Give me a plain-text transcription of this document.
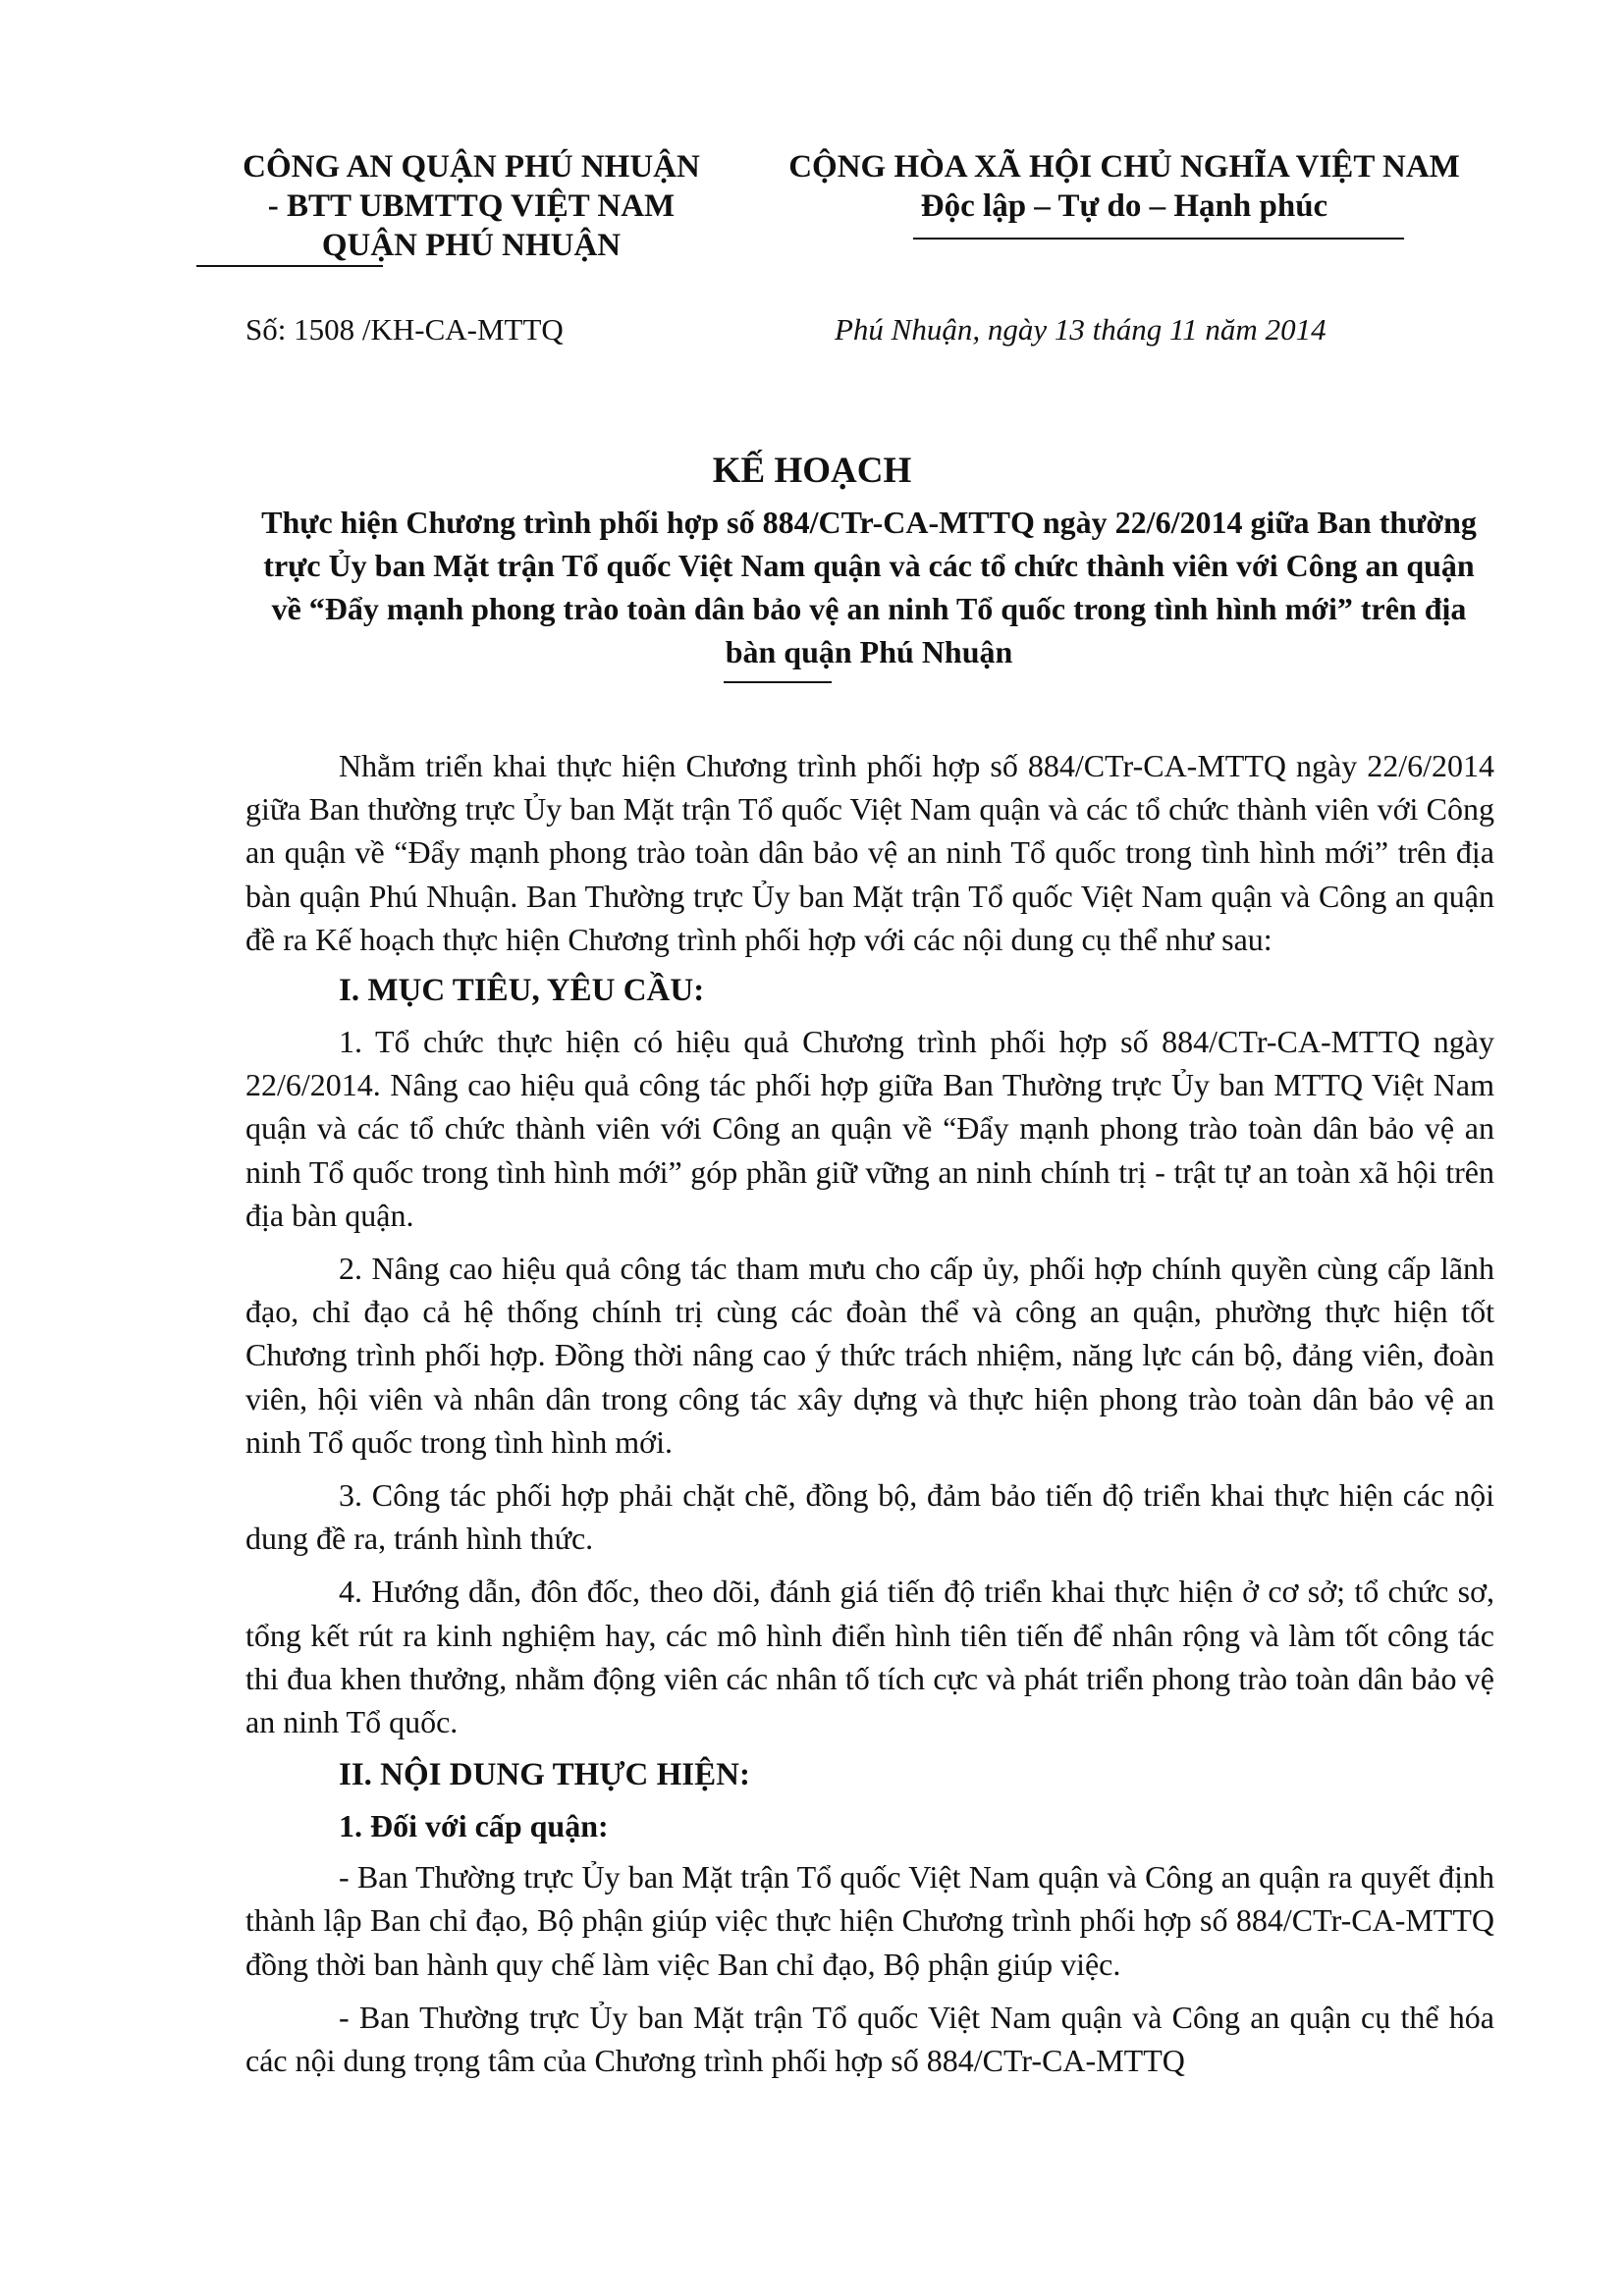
CÔNG AN QUẬN PHÚ NHUẬN
- BTT UBMTTQ VIỆT NAM
QUẬN PHÚ NHUẬN
CỘNG HÒA XÃ HỘI CHỦ NGHĨA VIỆT NAM
Độc lập – Tự do – Hạnh phúc
Số: 1508 /KH-CA-MTTQ	Phú Nhuận, ngày 13 tháng 11 năm 2014
KẾ HOẠCH
Thực hiện Chương trình phối hợp số 884/CTr-CA-MTTQ ngày 22/6/2014 giữa Ban thường trực Ủy ban Mặt trận Tổ quốc Việt Nam quận và các tổ chức thành viên với Công an quận về “Đẩy mạnh phong trào toàn dân bảo vệ an ninh Tổ quốc trong tình hình mới” trên địa bàn quận Phú Nhuận

Nhằm triển khai thực hiện Chương trình phối hợp số 884/CTr-CA-MTTQ ngày 22/6/2014 giữa Ban thường trực Ủy ban Mặt trận Tổ quốc Việt Nam quận và các tổ chức thành viên với Công an quận về “Đẩy mạnh phong trào toàn dân bảo vệ an ninh Tổ quốc trong tình hình mới” trên địa bàn quận Phú Nhuận. Ban Thường trực Ủy ban Mặt trận Tổ quốc Việt Nam quận và Công an quận đề ra Kế hoạch thực hiện Chương trình phối hợp với các nội dung cụ thể như sau:

I. MỤC TIÊU, YÊU CẦU:

1. Tổ chức thực hiện có hiệu quả Chương trình phối hợp số 884/CTr-CA-MTTQ ngày 22/6/2014. Nâng cao hiệu quả công tác phối hợp giữa Ban Thường trực Ủy ban MTTQ Việt Nam quận và các tổ chức thành viên với Công an quận về “Đẩy mạnh phong trào toàn dân bảo vệ an ninh Tổ quốc trong tình hình mới” góp phần giữ vững an ninh chính trị - trật tự an toàn xã hội trên địa bàn quận.

2. Nâng cao hiệu quả công tác tham mưu cho cấp ủy, phối hợp chính quyền cùng cấp lãnh đạo, chỉ đạo cả hệ thống chính trị cùng các đoàn thể và công an quận, phường thực hiện tốt Chương trình phối hợp. Đồng thời nâng cao ý thức trách nhiệm, năng lực cán bộ, đảng viên, đoàn viên, hội viên và nhân dân trong công tác xây dựng và thực hiện phong trào toàn dân bảo vệ an ninh Tổ quốc trong tình hình mới.

3. Công tác phối hợp phải chặt chẽ, đồng bộ, đảm bảo tiến độ triển khai thực hiện các nội dung đề ra, tránh hình thức.

4. Hướng dẫn, đôn đốc, theo dõi, đánh giá tiến độ triển khai thực hiện ở cơ sở; tổ chức sơ, tổng kết rút ra kinh nghiệm hay, các mô hình điển hình tiên tiến để nhân rộng và làm tốt công tác thi đua khen thưởng, nhằm động viên các nhân tố tích cực và phát triển phong trào toàn dân bảo vệ an ninh Tổ quốc.

II. NỘI DUNG THỰC HIỆN:
1. Đối với cấp quận:

- Ban Thường trực Ủy ban Mặt trận Tổ quốc Việt Nam quận và Công an quận ra quyết định thành lập Ban chỉ đạo, Bộ phận giúp việc thực hiện Chương trình phối hợp số 884/CTr-CA-MTTQ đồng thời ban hành quy chế làm việc Ban chỉ đạo, Bộ phận giúp việc.

- Ban Thường trực Ủy ban Mặt trận Tổ quốc Việt Nam quận và Công an quận cụ thể hóa các nội dung trọng tâm của Chương trình phối hợp số 884/CTr-CA-MTTQ
